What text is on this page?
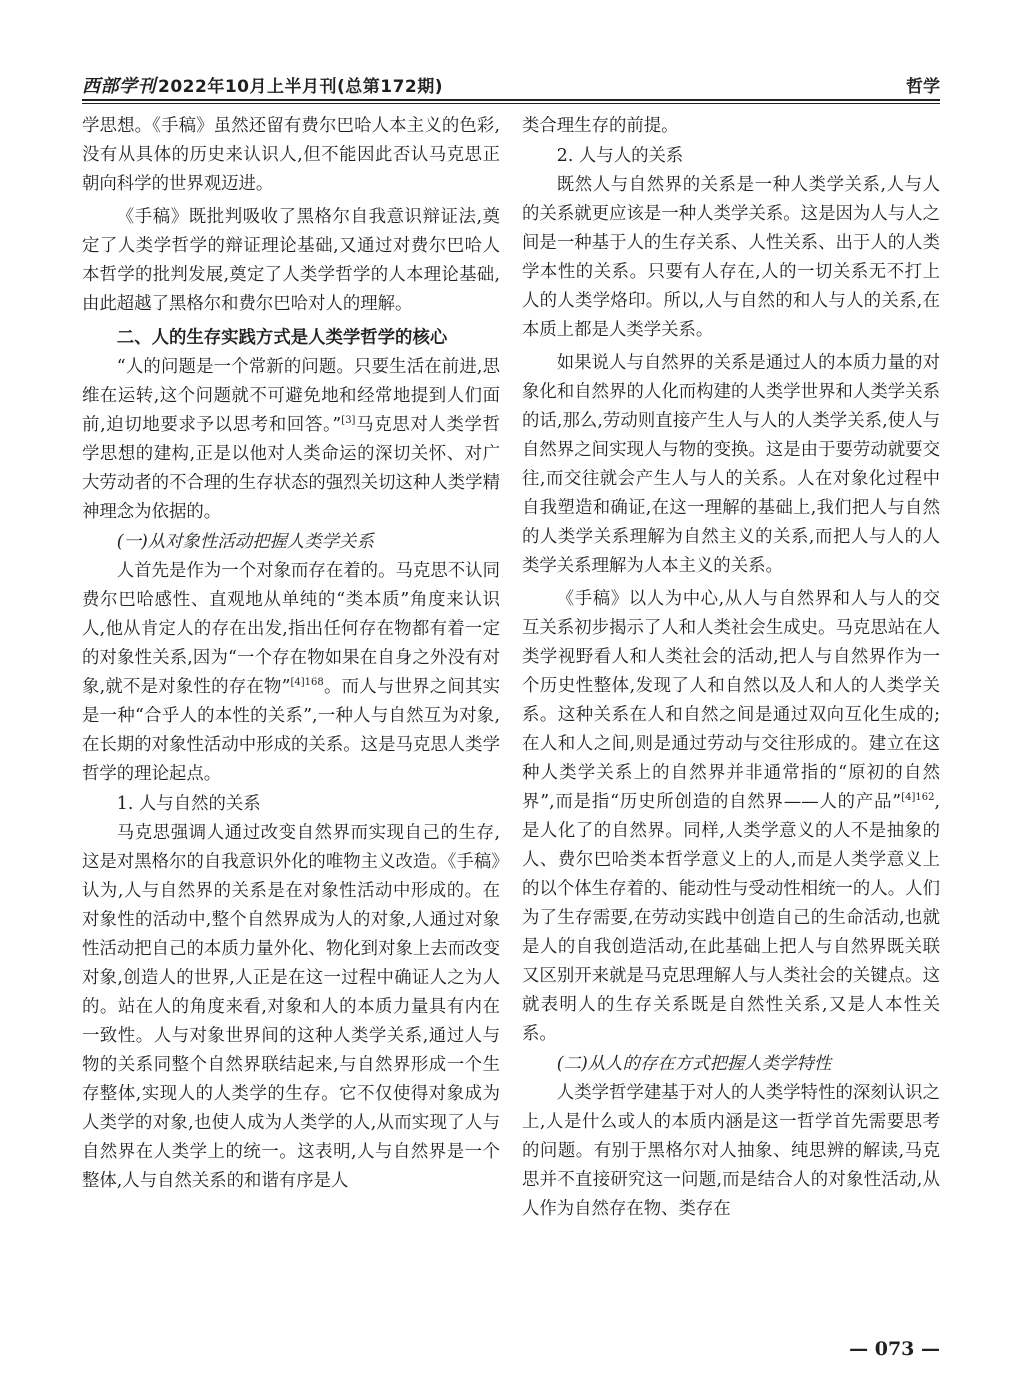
西部学刊 2022年10月上半月刊(总第172期)	哲学

学思想。《手稿》虽然还留有费尔巴哈人本主义的色彩,没有从具体的历史来认识人,但不能因此否认马克思正朝向科学的世界观迈进。

《手稿》既批判吸收了黑格尔自我意识辩证法,奠定了人类学哲学的辩证理论基础,又通过对费尔巴哈人本哲学的批判发展,奠定了人类学哲学的人本理论基础,由此超越了黑格尔和费尔巴哈对人的理解。

二、人的生存实践方式是人类学哲学的核心

“人的问题是一个常新的问题。只要生活在前进,思维在运转,这个问题就不可避免地和经常地提到人们面前,迫切地要求予以思考和回答。”[3]马克思对人类学哲学思想的建构,正是以他对人类命运的深切关怀、对广大劳动者的不合理的生存状态的强烈关切这种人类学精神理念为依据的。

(一)从对象性活动把握人类学关系

人首先是作为一个对象而存在着的。马克思不认同费尔巴哈感性、直观地从单纯的“类本质”角度来认识人,他从肯定人的存在出发,指出任何存在物都有着一定的对象性关系,因为“一个存在物如果在自身之外没有对象,就不是对象性的存在物”$^{[4]168}$。而人与世界之间其实是一种“合乎人的本性的关系”,一种人与自然互为对象,在长期的对象性活动中形成的关系。这是马克思人类学哲学的理论起点。

1. 人与自然的关系

马克思强调人通过改变自然界而实现自己的生存,这是对黑格尔的自我意识外化的唯物主义改造。《手稿》认为,人与自然界的关系是在对象性活动中形成的。在对象性的活动中,整个自然界成为人的对象,人通过对象性活动把自己的本质力量外化、物化到对象上去而改变对象,创造人的世界,人正是在这一过程中确证人之为人的。站在人的角度来看,对象和人的本质力量具有内在一致性。人与对象世界间的这种人类学关系,通过人与物的关系同整个自然界联结起来,与自然界形成一个生存整体,实现人的人类学的生存。它不仅使得对象成为人类学的对象,也使人成为人类学的人,从而实现了人与自然界在人类学上的统一。这表明,人与自然界是一个整体,人与自然关系的和谐有序是人

类合理生存的前提。

2. 人与人的关系

既然人与自然界的关系是一种人类学关系,人与人的关系就更应该是一种人类学关系。这是因为人与人之间是一种基于人的生存关系、人性关系、出于人的人类学本性的关系。只要有人存在,人的一切关系无不打上人的人类学烙印。所以,人与自然的和人与人的关系,在本质上都是人类学关系。

如果说人与自然界的关系是通过人的本质力量的对象化和自然界的人化而构建的人类学世界和人类学关系的话,那么,劳动则直接产生人与人的人类学关系,使人与自然界之间实现人与物的变换。这是由于要劳动就要交往,而交往就会产生人与人的关系。人在对象化过程中自我塑造和确证,在这一理解的基础上,我们把人与自然的人类学关系理解为自然主义的关系,而把人与人的人类学关系理解为人本主义的关系。

《手稿》以人为中心,从人与自然界和人与人的交互关系初步揭示了人和人类社会生成史。马克思站在人类学视野看人和人类社会的活动,把人与自然界作为一个历史性整体,发现了人和自然以及人和人的人类学关系。这种关系在人和自然之间是通过双向互化生成的;在人和人之间,则是通过劳动与交往形成的。建立在这种人类学关系上的自然界并非通常指的“原初的自然界”,而是指“历史所创造的自然界——人的产品”$^{[4]162}$,是人化了的自然界。同样,人类学意义的人不是抽象的人、费尔巴哈类本哲学意义上的人,而是人类学意义上的以个体生存着的、能动性与受动性相统一的人。人们为了生存需要,在劳动实践中创造自己的生命活动,也就是人的自我创造活动,在此基础上把人与自然界既关联又区别开来就是马克思理解人与人类社会的关键点。这就表明人的生存关系既是自然性关系,又是人本性关系。

(二)从人的存在方式把握人类学特性

人类学哲学建基于对人的人类学特性的深刻认识之上,人是什么或人的本质内涵是这一哲学首先需要思考的问题。有别于黑格尔对人抽象、纯思辨的解读,马克思并不直接研究这一问题,而是结合人的对象性活动,从人作为自然存在物、类存在

— 073 —
